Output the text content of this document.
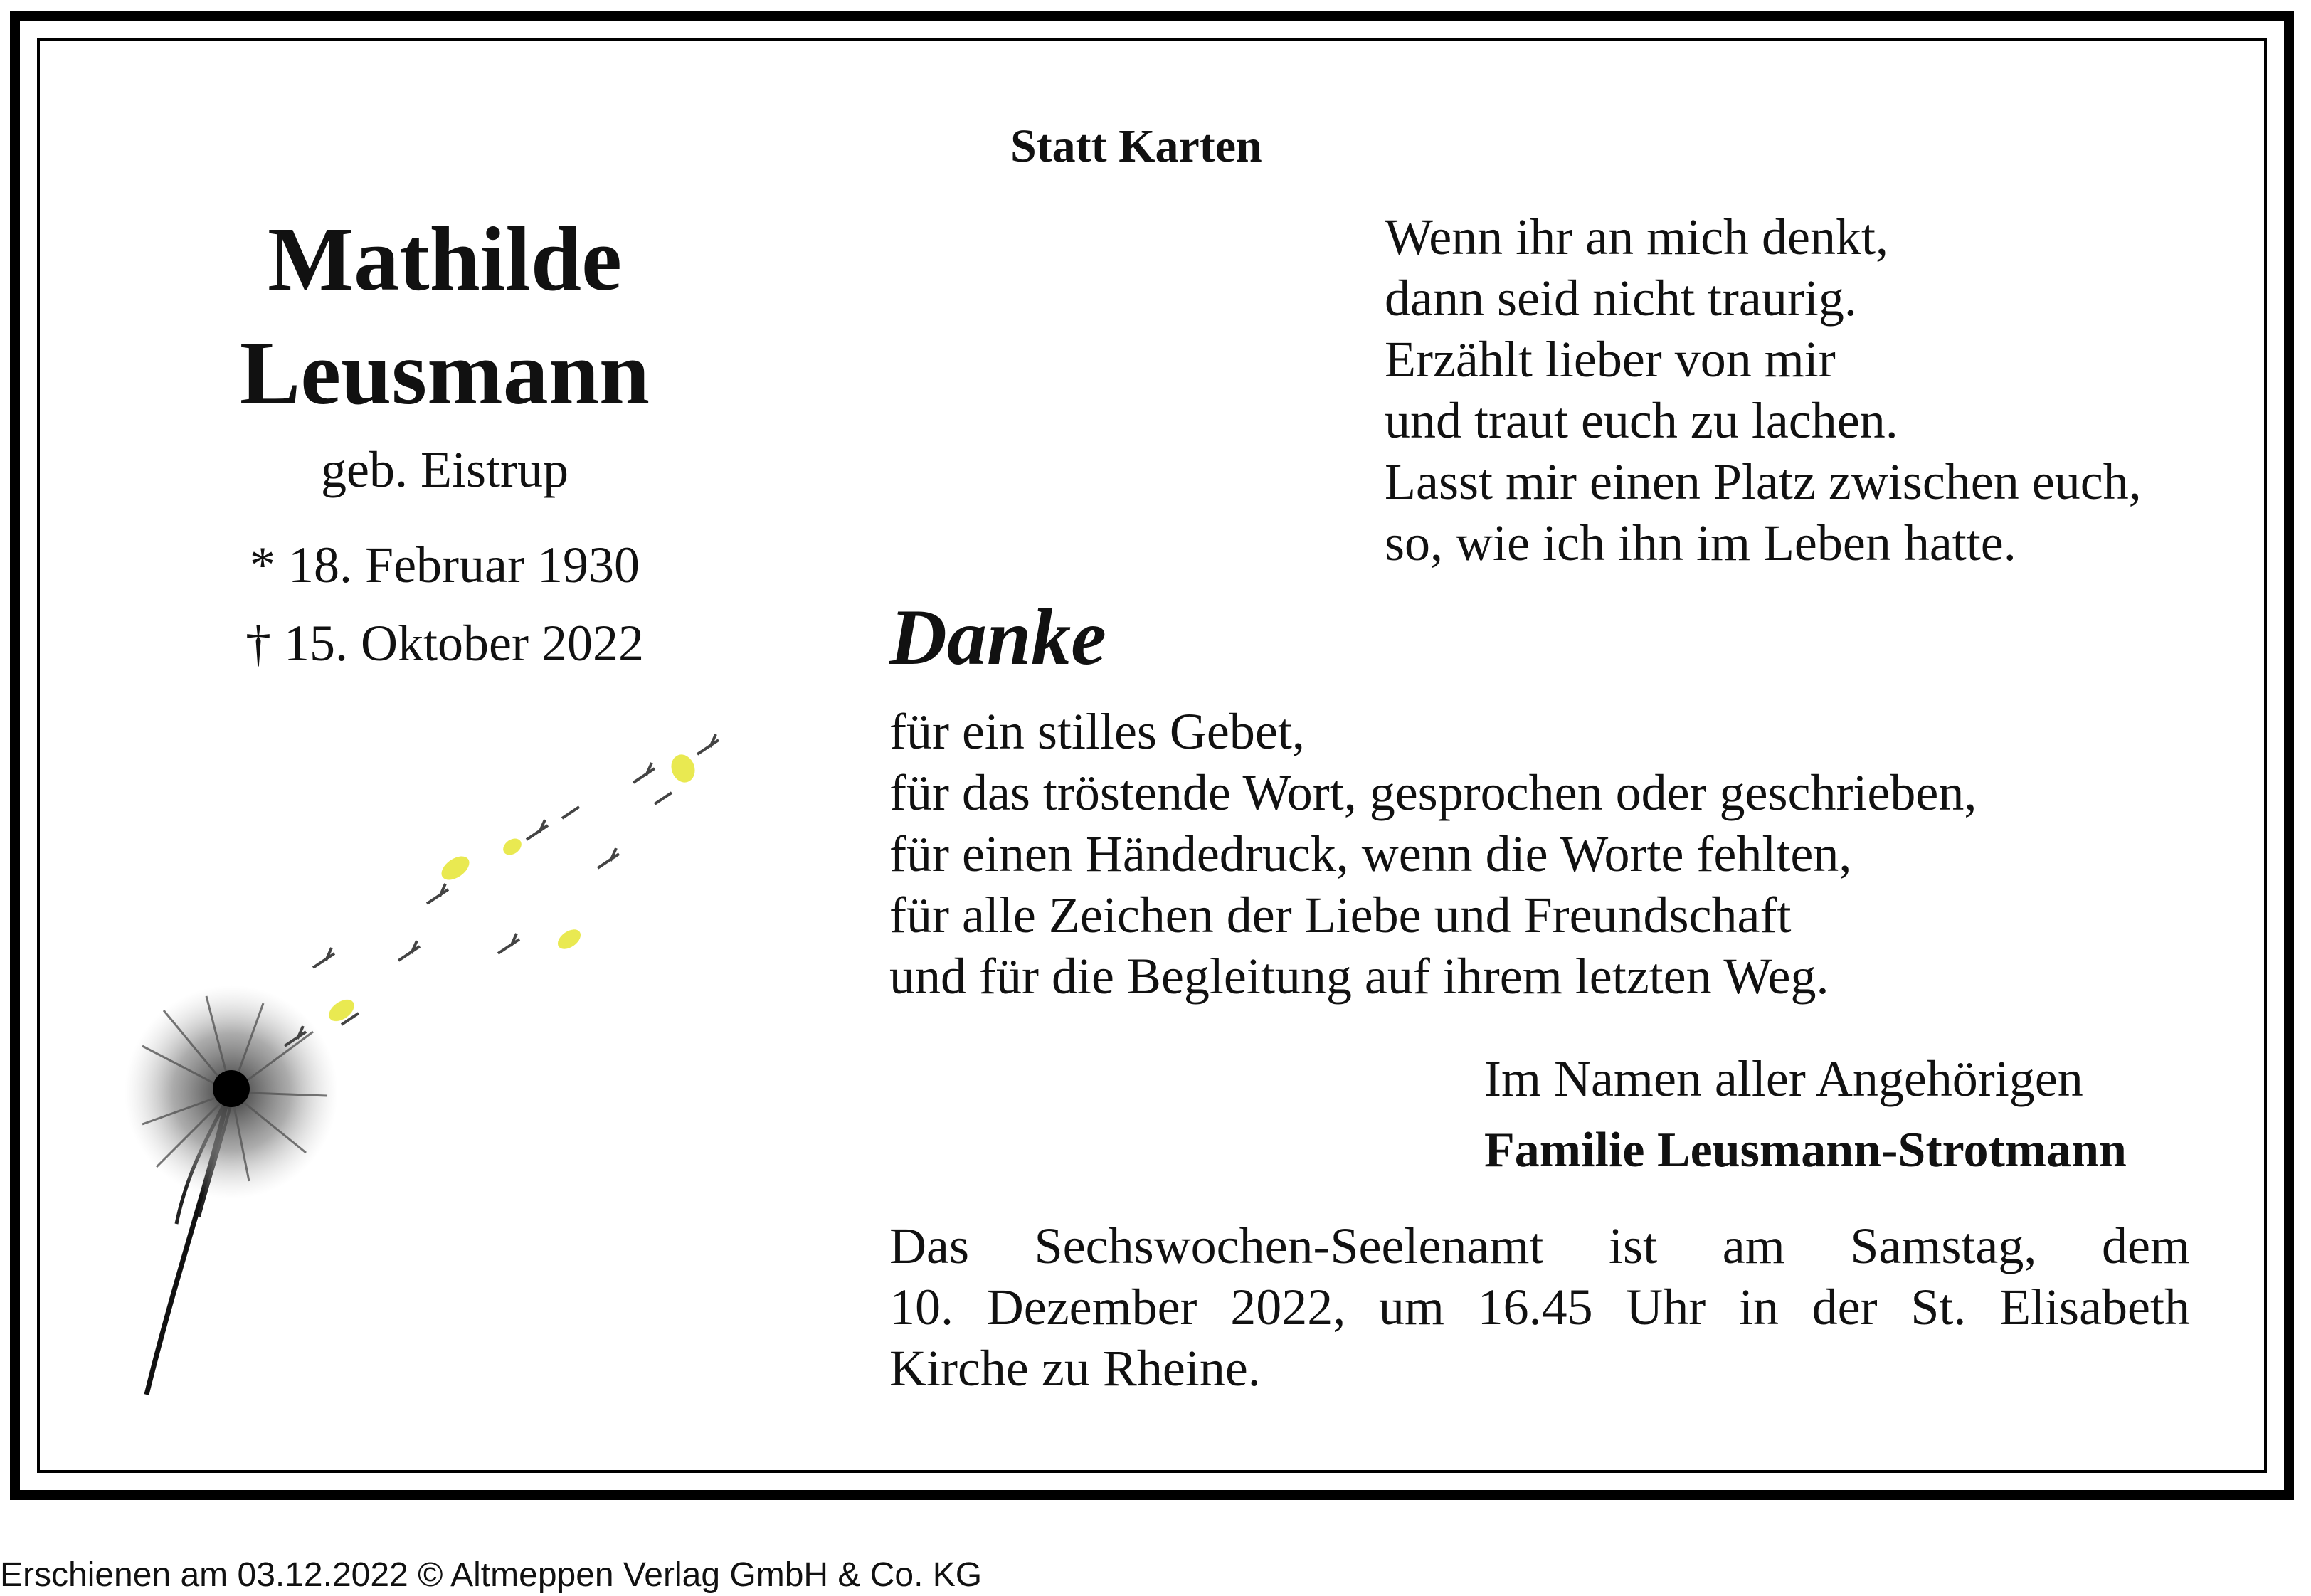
Statt Karten
Mathilde
Leusmann
geb. Eistrup
* 18. Februar 1930
† 15. Oktober 2022
Wenn ihr an mich denkt,
dann seid nicht traurig.
Erzählt lieber von mir
und traut euch zu lachen.
Lasst mir einen Platz zwischen euch,
so, wie ich ihn im Leben hatte.
Danke
für ein stilles Gebet,
für das tröstende Wort, gesprochen oder geschrieben,
für einen Händedruck, wenn die Worte fehlten,
für alle Zeichen der Liebe und Freundschaft
und für die Begleitung auf ihrem letzten Weg.
Im Namen aller Angehörigen
Familie Leusmann-Strotmann
Das Sechswochen-Seelenamt ist am Samstag, dem
10. Dezember 2022, um 16.45 Uhr in der St. Elisabeth
Kirche zu Rheine.
Erschienen am 03.12.2022 © Altmeppen Verlag GmbH & Co. KG
